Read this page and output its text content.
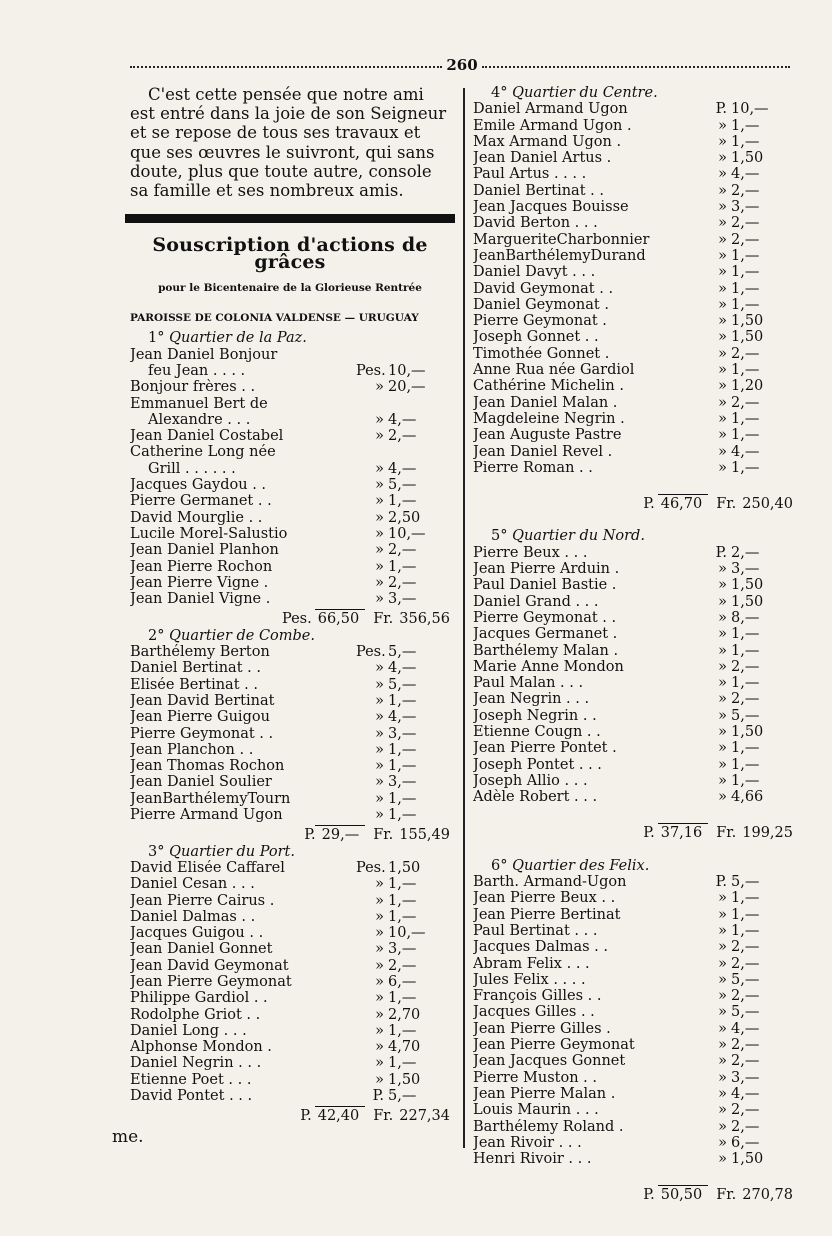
260
C'est cette pensée que notre ami
est entré dans la joie de son Seigneur
et se repose de tous ses travaux et
que ses œuvres le suivront, qui sans
doute, plus que toute autre, console
sa famille et ses nombreux amis.
Souscription d'actions de grâces
pour le Bicentenaire de la Glorieuse Rentrée
PAROISSE DE COLONIA VALDENSE — URUGUAY
1° Quartier de la Paz.
Jean Daniel Bonjour
feu Jean . . . .	Pes. 10,—
Bonjour frères . .	» 20,—
Emmanuel Bert de
Alexandre . . .	» 4,—
Jean Daniel Costabel	» 2,—
Catherine Long née
Grill . . . . . .	» 4,—
Jacques Gaydou . .	» 5,—
Pierre Germanet . .	» 1,—
David Mourglie . .	» 2,50
Lucile Morel-Salustio	» 10,—
Jean Daniel Planhon	» 2,—
Jean Pierre Rochon	» 1,—
Jean Pierre Vigne .	» 2,—
Jean Daniel Vigne .	» 3,—
Pes. 66,50 Fr. 356,56
2° Quartier de Combe.
Barthélemy Berton	Pes. 5,—
Daniel Bertinat . .	» 4,—
Elisée Bertinat . .	» 5,—
Jean David Bertinat	» 1,—
Jean Pierre Guigou	» 4,—
Pierre Geymonat . .	» 3,—
Jean Planchon . .	» 1,—
Jean Thomas Rochon	» 1,—
Jean Daniel Soulier	» 3,—
JeanBarthélemyTourn	» 1,—
Pierre Armand Ugon	» 1,—
P. 29,— Fr. 155,49
3° Quartier du Port.
David Elisée Caffarel	Pes. 1,50
Daniel Cesan . . .	» 1,—
Jean Pierre Cairus .	» 1,—
Daniel Dalmas . .	» 1,—
Jacques Guigou . .	» 10,—
Jean Daniel Gonnet	» 3,—
Jean David Geymonat	» 2,—
Jean Pierre Geymonat	» 6,—
Philippe Gardiol . .	» 1,—
Rodolphe Griot . .	» 2,70
Daniel Long . . .	» 1,—
Alphonse Mondon .	» 4,70
Daniel Negrin . . .	» 1,—
Etienne Poet . . .	» 1,50
David Pontet . . .	P. 5,—
P. 42,40 Fr. 227,34
4° Quartier du Centre.
Daniel Armand Ugon	P. 10,—
Emile Armand Ugon .	» 1,—
Max Armand Ugon .	» 1,—
Jean Daniel Artus .	» 1,50
Paul Artus . . . .	» 4,—
Daniel Bertinat . .	» 2,—
Jean Jacques Bouisse	» 3,—
David Berton . . .	» 2,—
MargueriteCharbonnier	» 2,—
JeanBarthélemyDurand	» 1,—
Daniel Davyt . . .	» 1,—
David Geymonat . .	» 1,—
Daniel Geymonat .	» 1,—
Pierre Geymonat .	» 1,50
Joseph Gonnet . .	» 1,50
Timothée Gonnet .	» 2,—
Anne Rua née Gardiol	» 1,—
Cathérine Michelin .	» 1,20
Jean Daniel Malan .	» 2,—
Magdeleine Negrin .	» 1,—
Jean Auguste Pastre	» 1,—
Jean Daniel Revel .	» 4,—
Pierre Roman . .	» 1,—
P. 46,70 Fr. 250,40
5° Quartier du Nord.
Pierre Beux . . .	P. 2,—
Jean Pierre Arduin .	» 3,—
Paul Daniel Bastie .	» 1,50
Daniel Grand . . .	» 1,50
Pierre Geymonat . .	» 8,—
Jacques Germanet .	» 1,—
Barthélemy Malan .	» 1,—
Marie Anne Mondon	» 2,—
Paul Malan . . .	» 1,—
Jean Negrin . . .	» 2,—
Joseph Negrin . .	» 5,—
Etienne Cougn . .	» 1,50
Jean Pierre Pontet .	» 1,—
Joseph Pontet . . .	» 1,—
Joseph Allio . . .	» 1,—
Adèle Robert . . .	» 4,66
P. 37,16 Fr. 199,25
6° Quartier des Felix.
Barth. Armand-Ugon	P. 5,—
Jean Pierre Beux . .	» 1,—
Jean Pierre Bertinat	» 1,—
Paul Bertinat . . .	» 1,—
Jacques Dalmas . .	» 2,—
Abram Felix . . .	» 2,—
Jules Felix . . . .	» 5,—
François Gilles . .	» 2,—
Jacques Gilles . .	» 5,—
Jean Pierre Gilles .	» 4,—
Jean Pierre Geymonat	» 2,—
Jean Jacques Gonnet	» 2,—
Pierre Muston . .	» 3,—
Jean Pierre Malan .	» 4,—
Louis Maurin . . .	» 2,—
Barthélemy Roland .	» 2,—
Jean Rivoir . . .	» 6,—
Henri Rivoir . . .	» 1,50
P. 50,50 Fr. 270,78
me.
